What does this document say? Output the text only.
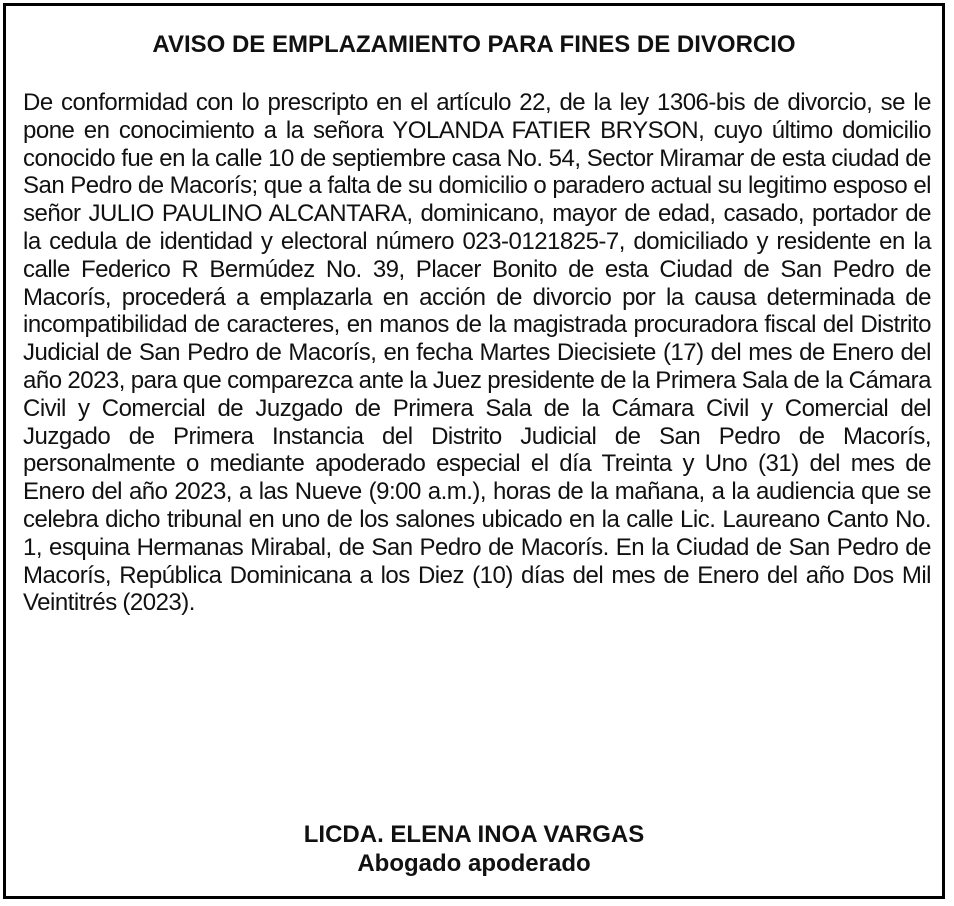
AVISO DE EMPLAZAMIENTO PARA FINES DE DIVORCIO

De conformidad con lo prescripto en el artículo 22, de la ley 1306-bis de divorcio, se le pone en conocimiento a la señora YOLANDA FATIER BRYSON, cuyo último domicilio conocido fue en la calle 10 de septiembre casa No. 54, Sector Miramar de esta ciudad de San Pedro de Macorís; que a falta de su domicilio o paradero actual su legitimo esposo el señor JULIO PAULINO ALCANTARA, dominicano, mayor de edad, casado, portador de la cedula de identidad y electoral número 023-0121825-7, domiciliado y residente en la calle Federico R Bermúdez No. 39, Placer Bonito de esta Ciudad de San Pedro de Macorís, procederá a emplazarla en acción de divorcio por la causa determinada de incompatibilidad de caracteres, en manos de la magistrada procuradora fiscal del Distrito Judicial de San Pedro de Macorís, en fecha Martes Diecisiete (17) del mes de Enero del año 2023, para que comparezca ante la Juez presidente de la Primera Sala de la Cámara Civil y Comercial de Juzgado de Primera Sala de la Cámara Civil y Comercial del Juzgado de Primera Instancia del Distrito Judicial de San Pedro de Macorís, personalmente o mediante apoderado especial el día Treinta y Uno (31) del mes de Enero del año 2023, a las Nueve (9:00 a.m.), horas de la mañana, a la audiencia que se celebra dicho tribunal en uno de los salones ubicado en la calle Lic. Laureano Canto No. 1, esquina Hermanas Mirabal, de San Pedro de Macorís. En la Ciudad de San Pedro de Macorís, República Dominicana a los Diez (10) días del mes de Enero del año Dos Mil Veintitrés (2023).

LICDA. ELENA INOA VARGAS
Abogado apoderado
